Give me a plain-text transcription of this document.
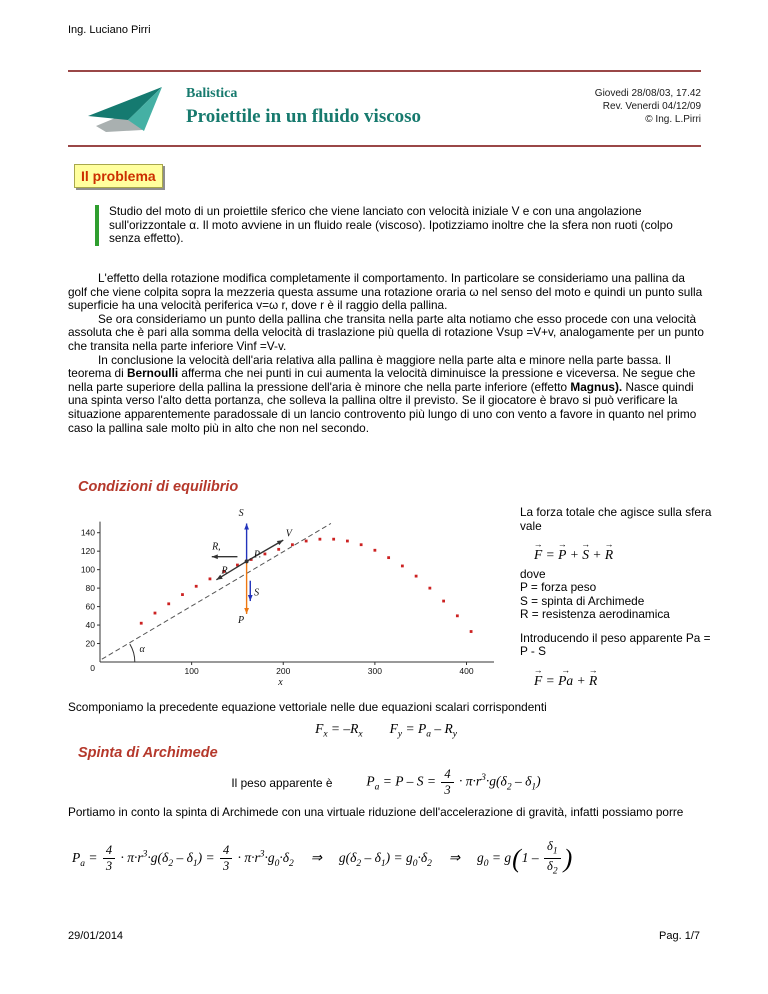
Ing. Luciano Pirri
Balistica
Proiettile in un fluido viscoso
Giovedi 28/08/03, 17.42
Rev. Venerdi 04/12/09
© Ing. L.Pirri
Il problema
Studio del moto di un proiettile sferico che viene lanciato con velocità iniziale V e con una angolazione sull'orizzontale α. Il moto avviene in un fluido reale (viscoso). Ipotizziamo inoltre che la sfera non ruoti (colpo senza effetto).

L'effetto della rotazione modifica completamente il comportamento. In particolare se consideriamo una pallina da golf che viene colpita sopra la mezzeria questa assume una rotazione oraria ω nel senso del moto e quindi un punto sulla superficie ha una velocità periferica v=ω r, dove r è il raggio della pallina.

Se ora consideriamo un punto della pallina che transita nella parte alta notiamo che esso procede con una velocità assoluta che è pari alla somma della velocità di traslazione più quella di rotazione Vsup =V+v, analogamente per un punto che transita nella parte inferiore Vinf =V-v.

In conclusione la velocità dell'aria relativa alla pallina è maggiore nella parte alta e minore nella parte bassa. Il teorema di Bernoulli afferma che nei punti in cui aumenta la velocità diminuisce la pressione e viceversa. Ne segue che nella parte superiore della pallina la pressione dell'aria è minore che nella parte inferiore (effetto Magnus). Nasce quindi una spinta verso l'alto detta portanza, che solleva la pallina oltre il previsto. Se il giocatore è bravo si può verificare la situazione apparentemente paradossale di un lancio controvento più lungo di uno con vento a favore in quanto nel primo caso la pallina sale molto più in alto che non nel secondo.

Condizioni di equilibrio
20
40
60
80
100
120
140
100	200	300	400
0
x
α
S
V
R
R,
P
S
P.
La forza totale che agisce sulla sfera vale
→
F =
→
P +
→
S +
→
R
dove
P = forza peso
S = spinta di Archimede
R = resistenza aerodinamica
Introducendo il peso apparente Pa = P - S
→
F =
→
Pa +
→
R
Scomponiamo la precedente equazione vettoriale nelle due equazioni scalari corrispondenti
$F_x = -R_x$ $F_y = P_a - R_y$
Spinta di Archimede
Il peso apparente è	$P_a = P - S = \frac{4}{3} \cdot \pi\cdot r^3\cdot g(\delta_2 - \delta_1)$
Portiamo in conto la spinta di Archimede con una virtuale riduzione dell'accelerazione di gravità, infatti possiamo porre
$P_a = \frac{4}{3} \cdot \pi\cdot r^3\cdot g(\delta_2 - \delta_1) = \frac{4}{3} \cdot \pi\cdot r^3\cdot g_0\cdot\delta_2$ ⇒ $g(\delta_2 - \delta_1) = g_0\cdot\delta_2$ ⇒ $g_0 = g(1 - \frac{\delta_1}{\delta_2}$ )
29/01/2014	Pag. 1/7
